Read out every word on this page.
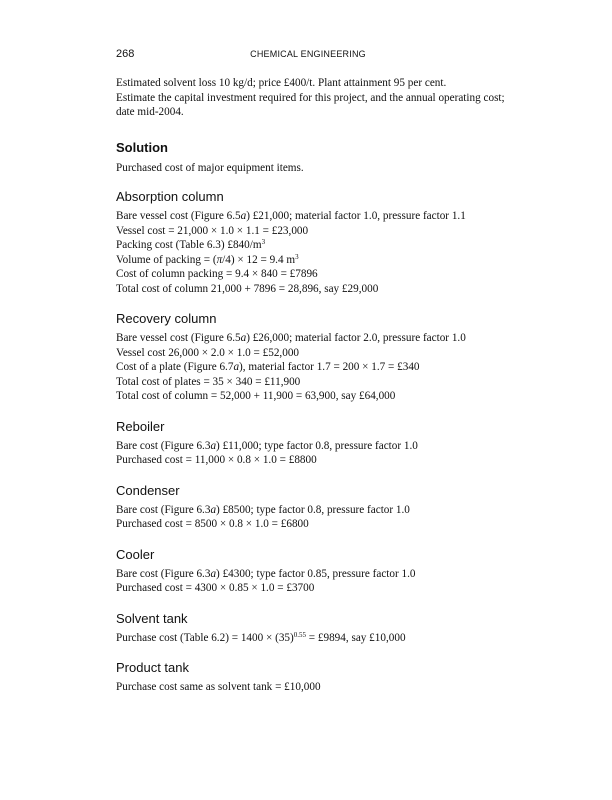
268	CHEMICAL ENGINEERING
Estimated solvent loss 10 kg/d; price £400/t. Plant attainment 95 per cent.
Estimate the capital investment required for this project, and the annual operating cost;
date mid-2004.
Solution
Purchased cost of major equipment items.
Absorption column
Bare vessel cost (Figure 6.5a) £21,000; material factor 1.0, pressure factor 1.1
Vessel cost = 21,000 × 1.0 × 1.1 = £23,000
Packing cost (Table 6.3) $£840/m^3$
Volume of packing = (π/4) × 12 = 9.4 $m^3$
Cost of column packing = 9.4 × 840 = £7896
Total cost of column 21,000 + 7896 = 28,896, say £29,000
Recovery column
Bare vessel cost (Figure 6.5a) £26,000; material factor 2.0, pressure factor 1.0
Vessel cost 26,000 × 2.0 × 1.0 = £52,000
Cost of a plate (Figure 6.7a), material factor 1.7 = 200 × 1.7 = £340
Total cost of plates = 35 × 340 = £11,900
Total cost of column = 52,000 + 11,900 = 63,900, say £64,000
Reboiler
Bare cost (Figure 6.3a) £11,000; type factor 0.8, pressure factor 1.0
Purchased cost = 11,000 × 0.8 × 1.0 = £8800
Condenser
Bare cost (Figure 6.3a) £8500; type factor 0.8, pressure factor 1.0
Purchased cost = 8500 × 0.8 × 1.0 = £6800
Cooler
Bare cost (Figure 6.3a) £4300; type factor 0.85, pressure factor 1.0
Purchased cost = 4300 × 0.85 × 1.0 = £3700
Solvent tank
Purchase cost (Table $6.2) = 1400 \times (35)^{0.55}$ = £9894, say £10,000
Product tank
Purchase cost same as solvent tank = £10,000
